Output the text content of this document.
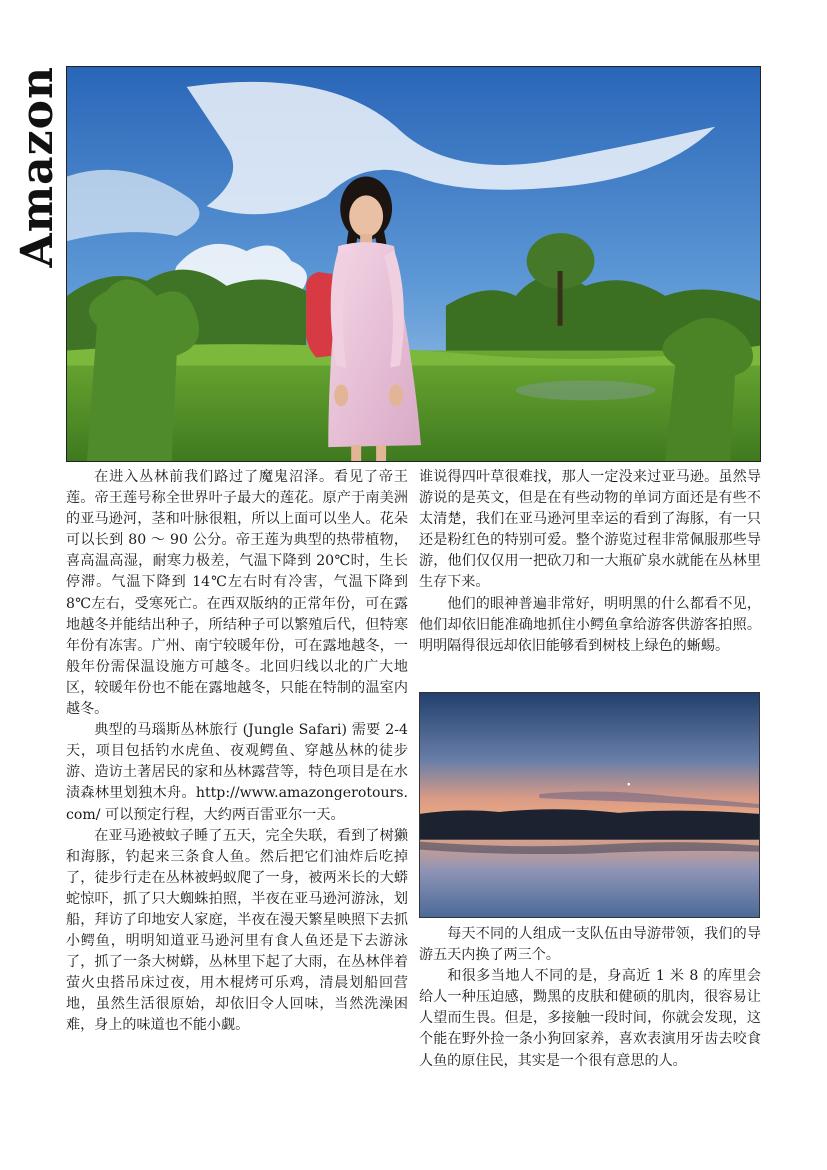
Amazon

在进入丛林前我们路过了魔鬼沼泽。看见了帝王莲。帝王莲号称全世界叶子最大的莲花。原产于南美洲的亚马逊河，茎和叶脉很粗，所以上面可以坐人。花朵可以长到 80 ～ 90 公分。帝王莲为典型的热带植物，喜高温高湿，耐寒力极差，气温下降到 20℃时，生长停滞。气温下降到 14℃左右时有冷害，气温下降到 8℃左右，受寒死亡。在西双版纳的正常年份，可在露地越冬并能结出种子，所结种子可以繁殖后代，但特寒年份有冻害。广州、南宁较暖年份，可在露地越冬，一般年份需保温设施方可越冬。北回归线以北的广大地区，较暖年份也不能在露地越冬，只能在特制的温室内越冬。

典型的马瑙斯丛林旅行 (Jungle Safari) 需要 2-4 天，项目包括钓水虎鱼、夜观鳄鱼、穿越丛林的徒步游、造访土著居民的家和丛林露营等，特色项目是在水渍森林里划独木舟。http://www.amazongerotours.com/ 可以预定行程，大约两百雷亚尔一天。

在亚马逊被蚊子睡了五天，完全失联，看到了树獭和海豚，钓起来三条食人鱼。然后把它们油炸后吃掉了，徒步行走在丛林被蚂蚁爬了一身，被两米长的大蟒蛇惊吓，抓了只大蜘蛛拍照，半夜在亚马逊河游泳，划船，拜访了印地安人家庭，半夜在漫天繁星映照下去抓小鳄鱼，明明知道亚马逊河里有食人鱼还是下去游泳了，抓了一条大树蟒，丛林里下起了大雨，在丛林伴着萤火虫搭吊床过夜，用木棍烤可乐鸡，清晨划船回营地，虽然生活很原始，却依旧令人回味，当然洗澡困难，身上的味道也不能小觑。

谁说得四叶草很难找，那人一定没来过亚马逊。虽然导游说的是英文，但是在有些动物的单词方面还是有些不太清楚，我们在亚马逊河里幸运的看到了海豚，有一只还是粉红色的特别可爱。整个游览过程非常佩服那些导游，他们仅仅用一把砍刀和一大瓶矿泉水就能在丛林里生存下来。

他们的眼神普遍非常好，明明黑的什么都看不见，他们却依旧能准确地抓住小鳄鱼拿给游客供游客拍照。明明隔得很远却依旧能够看到树枝上绿色的蜥蜴。

每天不同的人组成一支队伍由导游带领，我们的导游五天内换了两三个。

和很多当地人不同的是，身高近 1 米 8 的库里会给人一种压迫感，黝黑的皮肤和健硕的肌肉，很容易让人望而生畏。但是，多接触一段时间，你就会发现，这个能在野外捡一条小狗回家养，喜欢表演用牙齿去咬食人鱼的原住民，其实是一个很有意思的人。
